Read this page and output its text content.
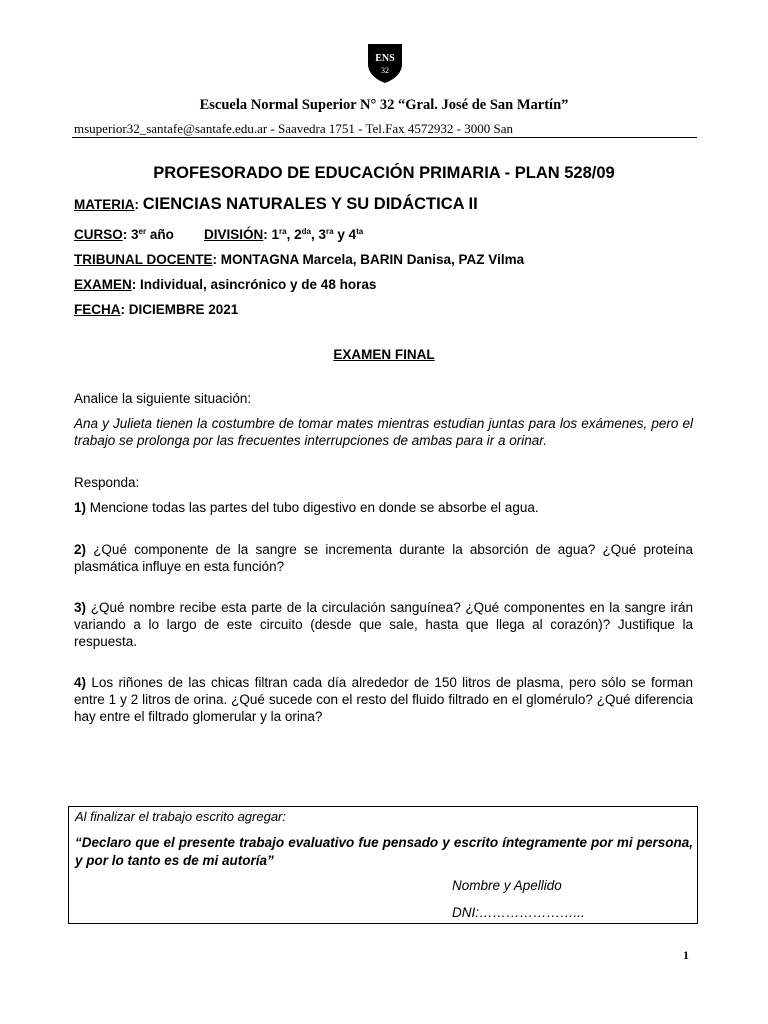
ENS
32
Escuela Normal Superior N° 32 “Gral. José de San Martín”
msuperior32_santafe@santafe.edu.ar - Saavedra 1751 - Tel.Fax 4572932 - 3000 San
PROFESORADO DE EDUCACIÓN PRIMARIA - PLAN 528/09
MATERIA: CIENCIAS NATURALES Y SU DIDÁCTICA II
CURSO: 3er año DIVISIÓN: $1^{ra}$, $2^{da}$, $3^{ra}$ y $4^{ta}$
TRIBUNAL DOCENTE: MONTAGNA Marcela, BARIN Danisa, PAZ Vilma
EXAMEN: Individual, asincrónico y de 48 horas
FECHA: DICIEMBRE 2021
EXAMEN FINAL
Analice la siguiente situación:
Ana y Julieta tienen la costumbre de tomar mates mientras estudian juntas para los exámenes, pero el trabajo se prolonga por las frecuentes interrupciones de ambas para ir a orinar.
Responda:
1) Mencione todas las partes del tubo digestivo en donde se absorbe el agua.
2) ¿Qué componente de la sangre se incrementa durante la absorción de agua? ¿Qué proteína plasmática influye en esta función?
3) ¿Qué nombre recibe esta parte de la circulación sanguínea? ¿Qué componentes en la sangre irán variando a lo largo de este circuito (desde que sale, hasta que llega al corazón)? Justifique la respuesta.
4) Los riñones de las chicas filtran cada día alrededor de 150 litros de plasma, pero sólo se forman entre 1 y 2 litros de orina. ¿Qué sucede con el resto del fluido filtrado en el glomérulo? ¿Qué diferencia hay entre el filtrado glomerular y la orina?
Al finalizar el trabajo escrito agregar:
“Declaro que el presente trabajo evaluativo fue pensado y escrito íntegramente por mi persona, y por lo tanto es de mi autoría”
Nombre y Apellido
DNI:…………………...
1
